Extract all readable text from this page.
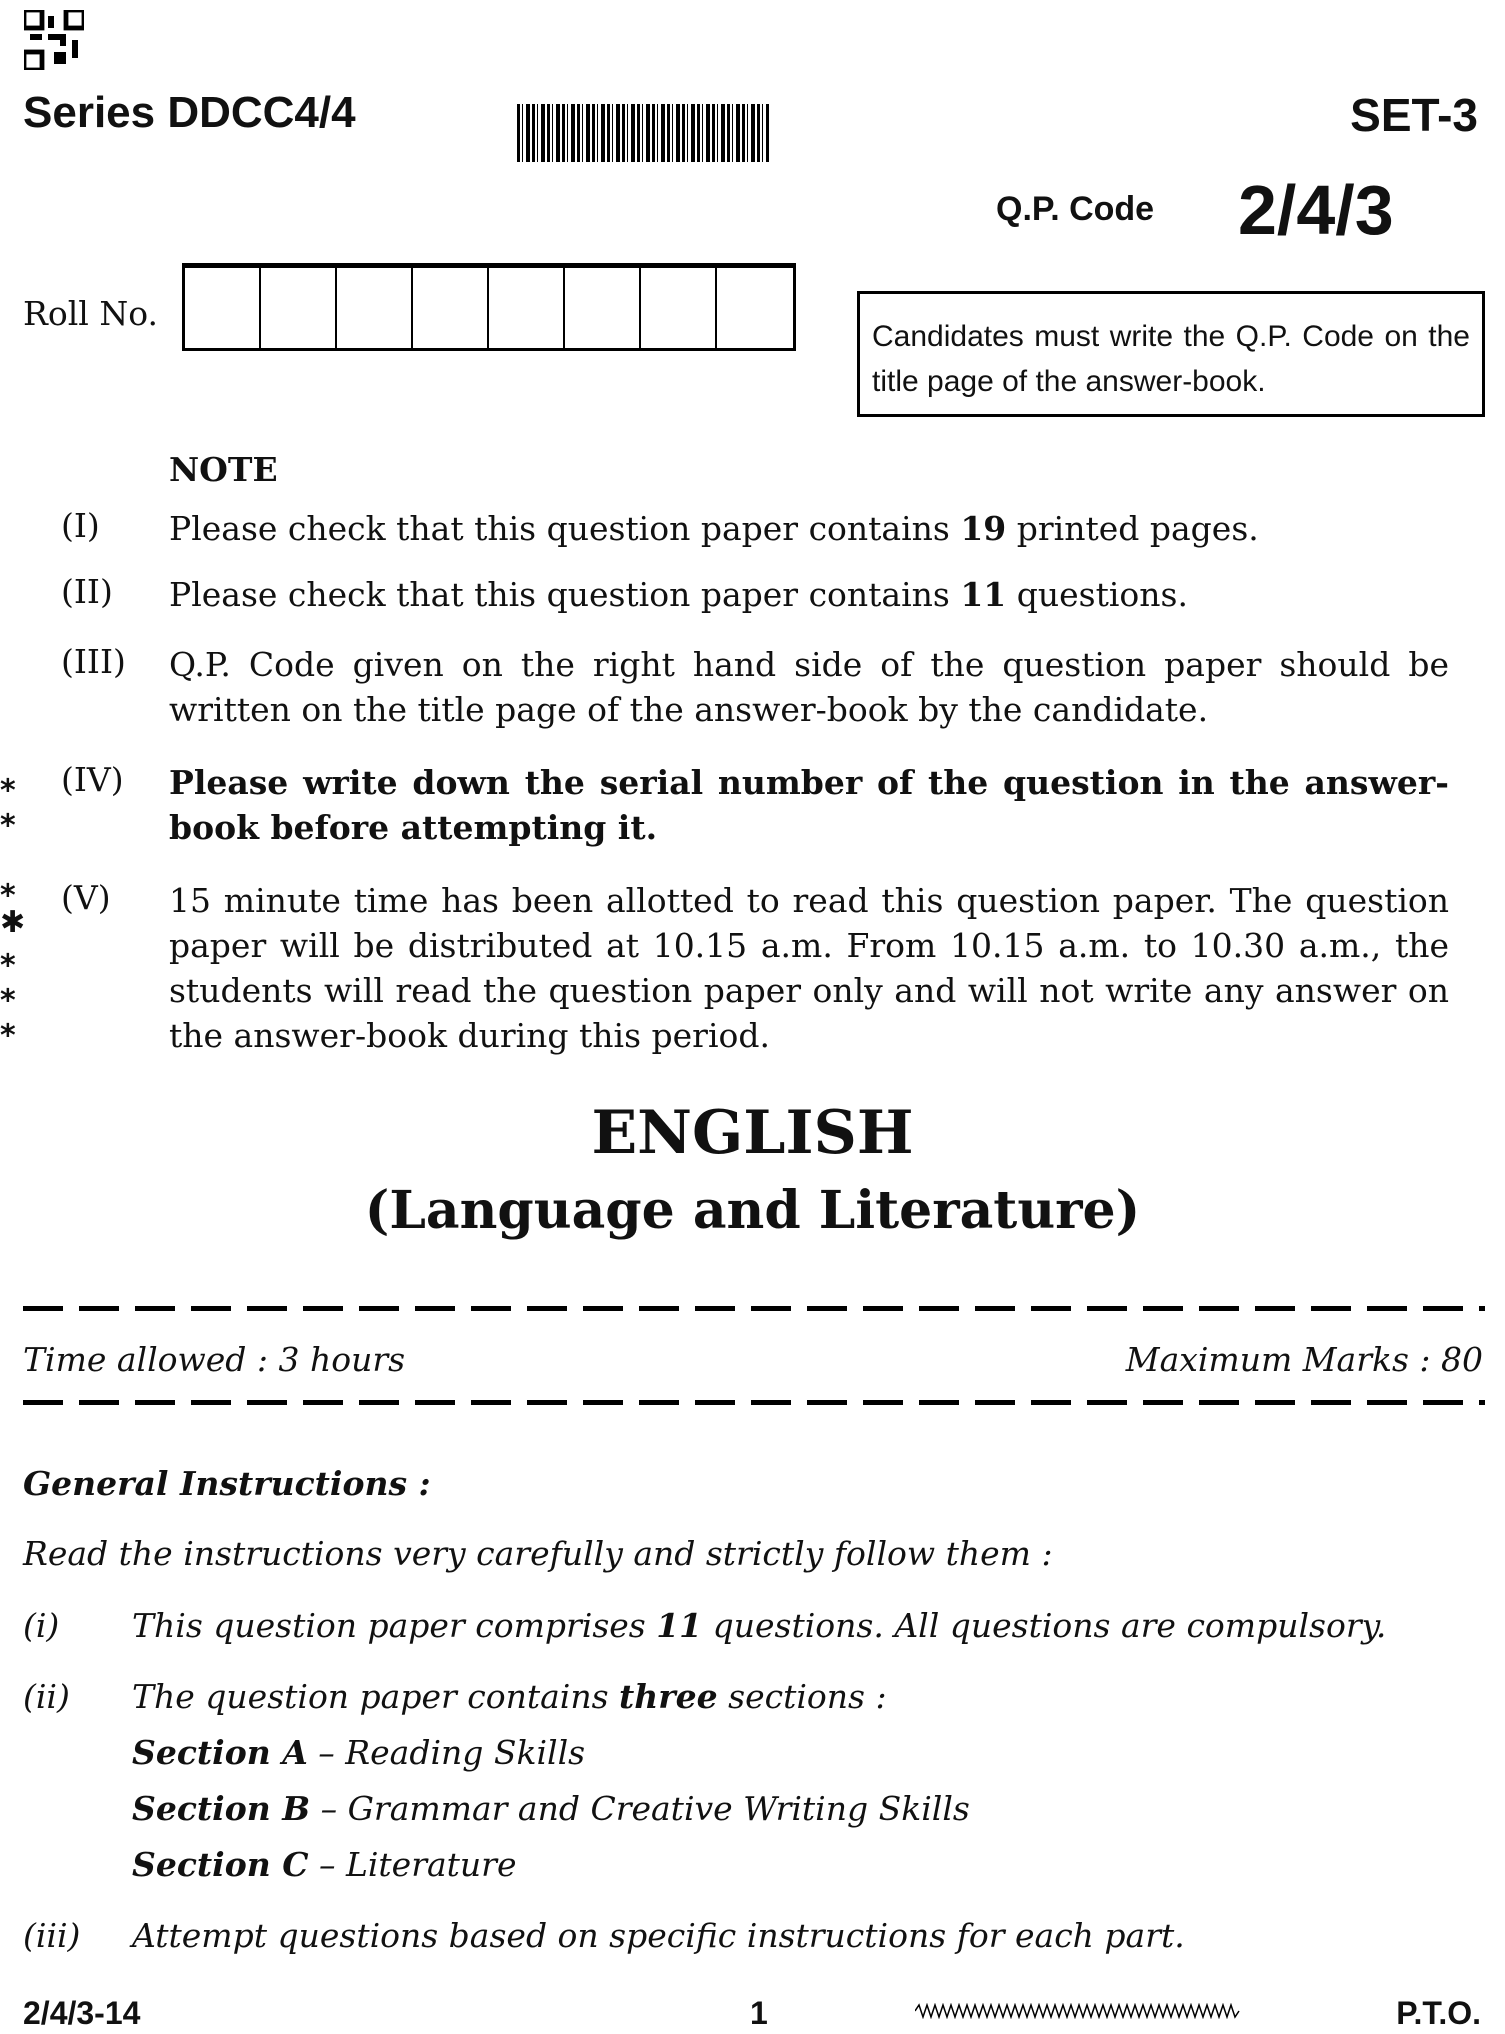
Series DDCC4/4	SET-3
Q.P. Code 2/4/3
Roll No.
Candidates must write the Q.P. Code on the title page of the answer-book.
NOTE
(I) Please check that this question paper contains 19 printed pages.
(II) Please check that this question paper contains 11 questions.
(III) Q.P. Code given on the right hand side of the question paper should be written on the title page of the answer-book by the candidate.
(IV) Please write down the serial number of the question in the answer-book before attempting it.
(V) 15 minute time has been allotted to read this question paper. The question paper will be distributed at 10.15 a.m. From 10.15 a.m. to 10.30 a.m., the students will read the question paper only and will not write any answer on the answer-book during this period.
⁎
⁎

⁎
✱
⁎
⁎
⁎
ENGLISH
(Language and Literature)
Time allowed : 3 hours	Maximum Marks : 80
General Instructions :
Read the instructions very carefully and strictly follow them :
(i) This question paper comprises 11 questions. All questions are compulsory.
(ii) The question paper contains three sections :
Section A – Reading Skills
Section B – Grammar and Creative Writing Skills
Section C – Literature
(iii) Attempt questions based on specific instructions for each part.
2/4/3-14	1	P.T.O.
